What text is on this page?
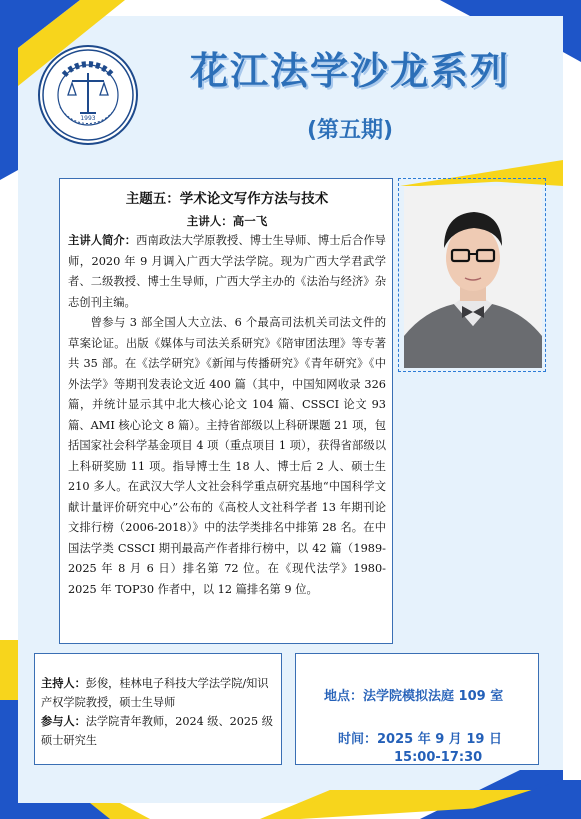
1993
花江法学沙龙系列
(第五期)
主题五：学术论文写作方法与技术
主讲人：高一飞

主讲人简介：西南政法大学原教授、博士生导师、博士后合作导师，2020 年 9 月调入广西大学法学院。现为广西大学君武学者、二级教授、博士生导师，广西大学主办的《法治与经济》杂志创刊主编。

曾参与 3 部全国人大立法、6 个最高司法机关司法文件的草案论证。出版《媒体与司法关系研究》《陪审团法理》等专著共 35 部。在《法学研究》《新闻与传播研究》《青年研究》《中外法学》等期刊发表论文近 400 篇（其中，中国知网收录 326 篇，并统计显示其中北大核心论文 104 篇、CSSCI 论文 93 篇、AMI 核心论文 8 篇）。主持省部级以上科研课题 21 项，包括国家社会科学基金项目 4 项（重点项目 1 项），获得省部级以上科研奖励 11 项。指导博士生 18 人、博士后 2 人、硕士生 210 多人。在武汉大学人文社会科学重点研究基地“中国科学文献计量评价研究中心”公布的《高校人文社科学者 13 年期刊论文排行榜（2006-2018）》中的法学类排名中排第 28 名。在中国法学类 CSSCI 期刊最高产作者排行榜中，以 42 篇（1989-2025 年 8 月 6 日）排名第 72 位。在《现代法学》1980-2025 年 TOP30 作者中，以 12 篇排名第 9 位。

主持人：彭俊，桂林电子科技大学法学院/知识产权学院教授，硕士生导师
参与人：法学院青年教师，2024 级、2025 级硕士研究生
地点：法学院模拟法庭 109 室
时间：2025 年 9 月 19 日
15:00-17:30
